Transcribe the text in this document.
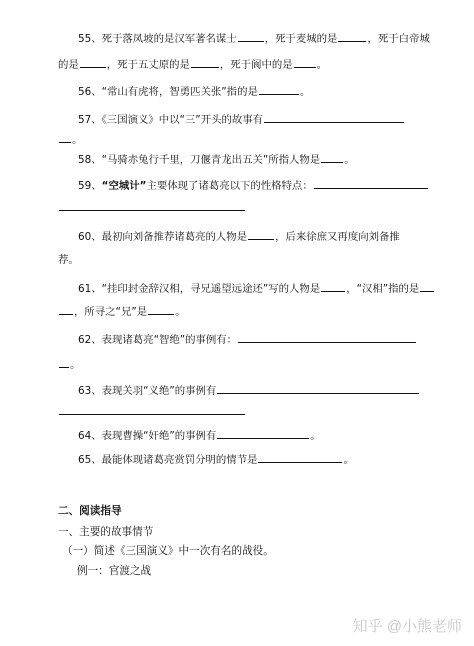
55、死于落凤坡的是汉军著名谋士	，死于麦城的是	，死于白帝城
的是	，死于五丈原的是	，死于阆中的是 。
56、“常山有虎将，智勇匹关张”指的是	。
57、《三国演义》中以“三”开头的故事有
。
58、“马骑赤兔行千里，刀偃青龙出五关”所指人物是 。
59、“空城计”主要体现了诸葛亮以下的性格特点：
60、最初向刘备推荐诸葛亮的人物是	，后来徐庶又再度向刘备推
荐。
61、“挂印封金辞汉相，寻兄遥望远途还”写的人物是	，“汉相”指的是
，所寻之“兄”是	。
62、表现诸葛亮“智绝”的事例有：
。
63、表现关羽“义绝”的事例有
64、表现曹操“奸绝”的事例有	。
65、最能体现诸葛亮赏罚分明的情节是	。
二、阅读指导
一、主要的故事情节
（一）简述《三国演义》中一次有名的战役。
例一：官渡之战
知乎 @小熊老师
